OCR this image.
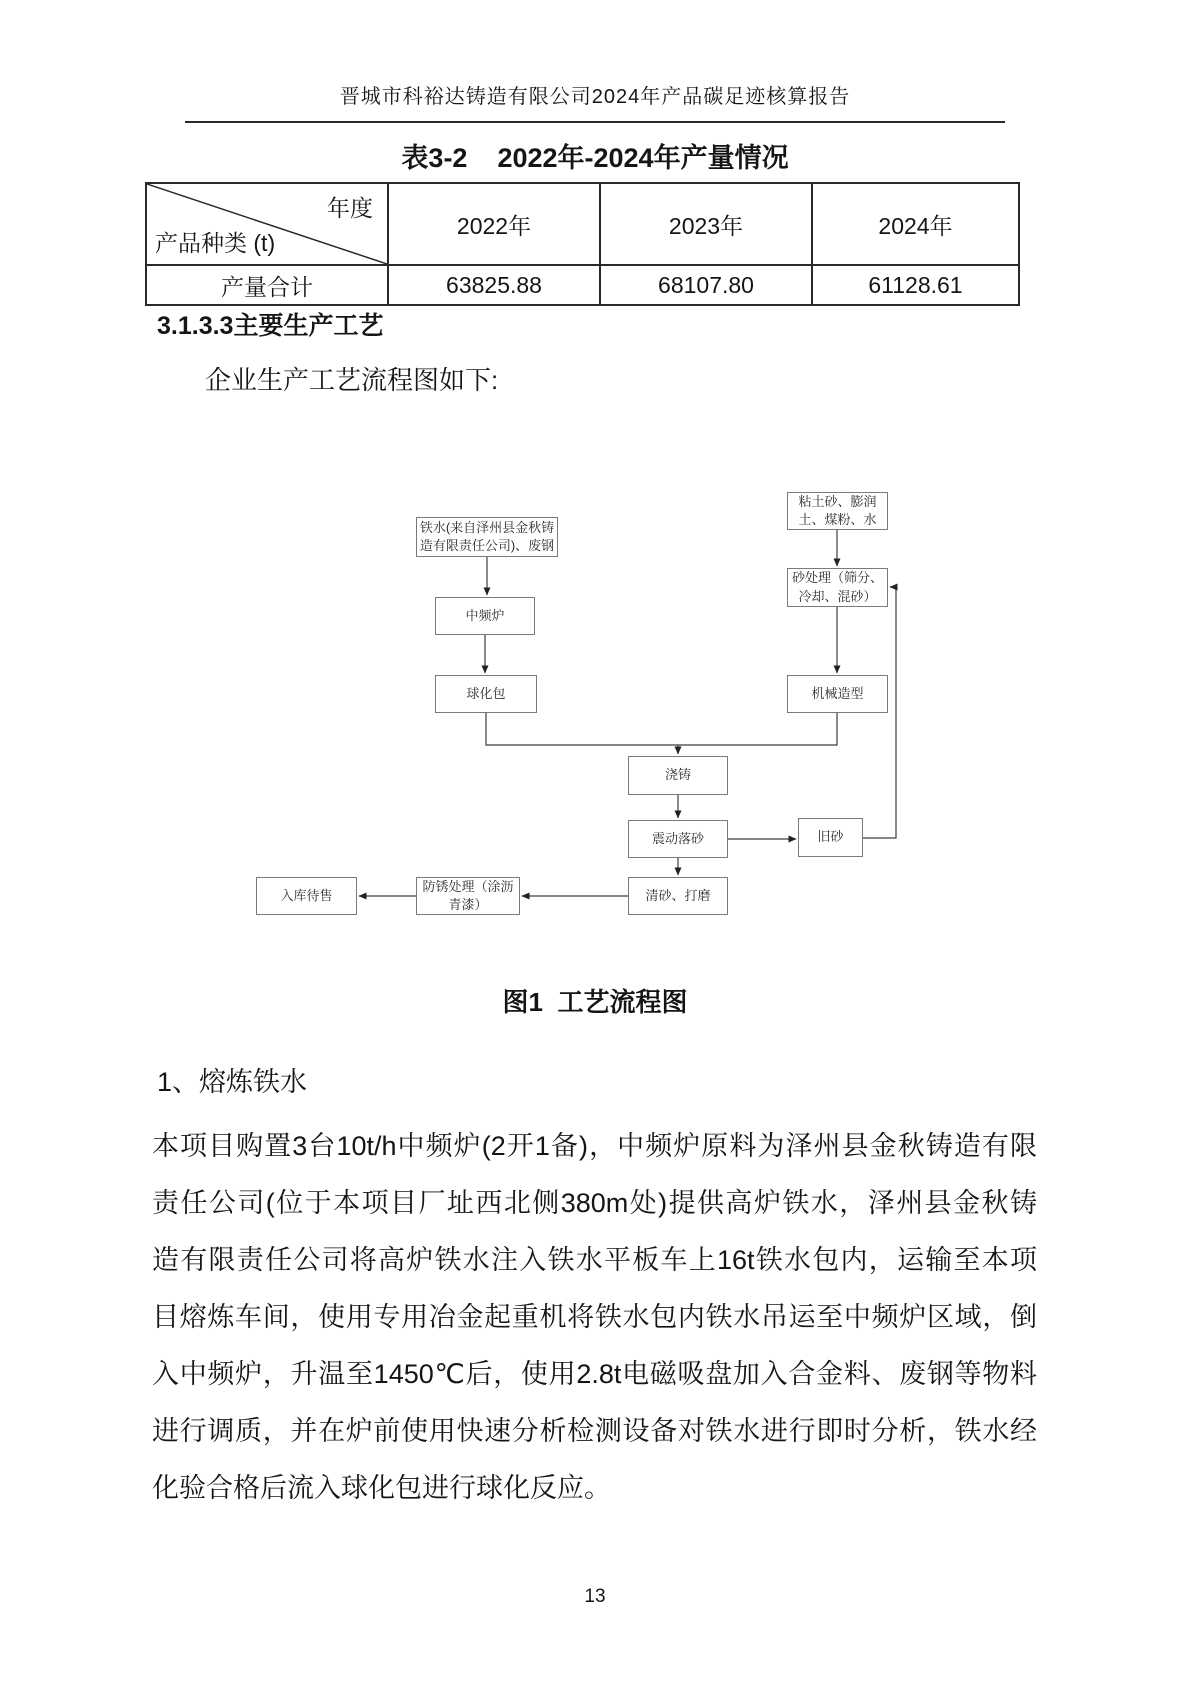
晋城市科裕达铸造有限公司2024年产品碳足迹核算报告
表3-2    2022年-2024年产量情况
年度
产品种类 (t)	2022年	2023年	2024年
产量合计	63825.88	68107.80	61128.61
3.1.3.3主要生产工艺
企业生产工艺流程图如下:
铁水(来自泽州县金秋铸造有限责任公司)、废钢
粘土砂、膨润土、煤粉、水
砂处理（筛分、冷却、混砂）
中频炉
球化包	机械造型
浇铸
震动落砂	旧砂
清砂、打磨
防锈处理（涂沥青漆）
入库待售
图1  工艺流程图
1、熔炼铁水
本项目购置3台10t/h中频炉(2开1备)，中频炉原料为泽州县金秋铸造有限
责任公司(位于本项目厂址西北侧380m处)提供高炉铁水，泽州县金秋铸
造有限责任公司将高炉铁水注入铁水平板车上16t铁水包内，运输至本项
目熔炼车间，使用专用冶金起重机将铁水包内铁水吊运至中频炉区域，倒
入中频炉，升温至1450℃后，使用2.8t电磁吸盘加入合金料、废钢等物料
进行调质，并在炉前使用快速分析检测设备对铁水进行即时分析，铁水经
化验合格后流入球化包进行球化反应。
13
